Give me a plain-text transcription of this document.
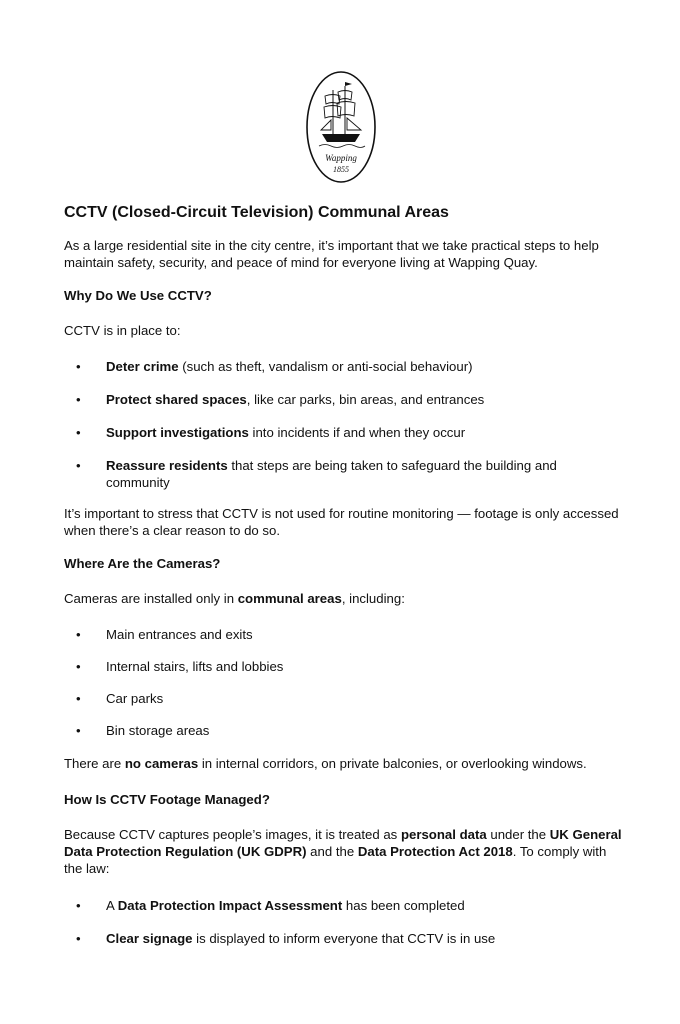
Wapping
1855
CCTV (Closed-Circuit Television) Communal Areas

As a large residential site in the city centre, it’s important that we take practical steps to help maintain safety, security, and peace of mind for everyone living at Wapping Quay.

Why Do We Use CCTV?

CCTV is in place to:

• Deter crime (such as theft, vandalism or anti-social behaviour)
• Protect shared spaces, like car parks, bin areas, and entrances
• Support investigations into incidents if and when they occur
• Reassure residents that steps are being taken to safeguard the building and community

It’s important to stress that CCTV is not used for routine monitoring — footage is only accessed when there’s a clear reason to do so.

Where Are the Cameras?

Cameras are installed only in communal areas, including:

• Main entrances and exits
• Internal stairs, lifts and lobbies
• Car parks
• Bin storage areas

There are no cameras in internal corridors, on private balconies, or overlooking windows.

How Is CCTV Footage Managed?

Because CCTV captures people’s images, it is treated as personal data under the UK General Data Protection Regulation (UK GDPR) and the Data Protection Act 2018. To comply with the law:

• A Data Protection Impact Assessment has been completed
• Clear signage is displayed to inform everyone that CCTV is in use
